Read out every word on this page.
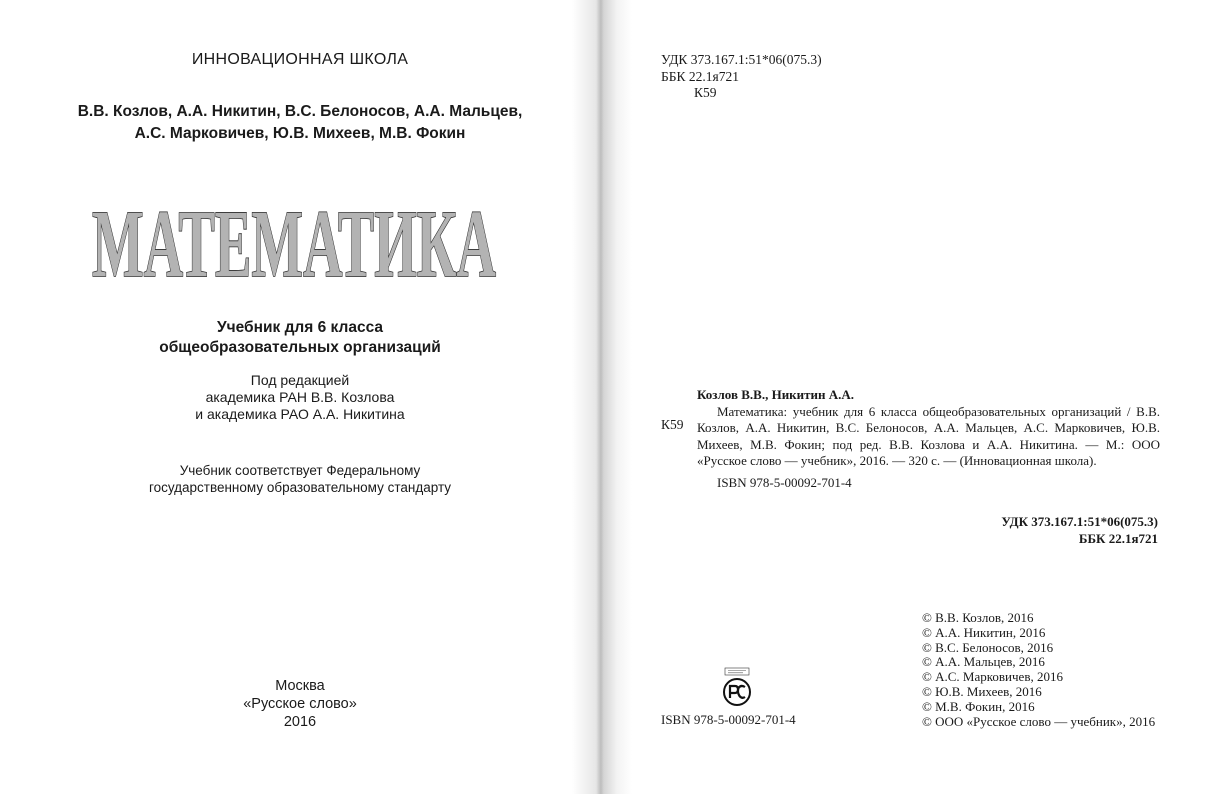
ИННОВАЦИОННАЯ ШКОЛА
В.В. Козлов, А.А. Никитин, В.С. Белоносов, А.А. Мальцев,
А.С. Марковичев, Ю.В. Михеев, М.В. Фокин
МАТЕМАТИКА
Учебник для 6 класса
общеобразовательных организаций
Под редакцией
академика РАН В.В. Козлова
и академика РАО А.А. Никитина
Учебник соответствует Федеральному
государственному образовательному стандарту
Москва
«Русское слово»
2016
УДК 373.167.1:51*06(075.3)
ББК 22.1я721
К59
К59
Козлов В.В., Никитин А.А.
Математика: учебник для 6 класса общеобразовательных организаций / В.В. Козлов, А.А. Никитин, В.С. Белоносов, А.А. Мальцев, А.С. Марковичев, Ю.В. Михеев, М.В. Фокин; под ред. В.В. Козлова и А.А. Никитина. — М.: ООО «Русское слово — учебник», 2016. — 320 с. — (Инновационная школа).
ISBN 978-5-00092-701-4
УДК 373.167.1:51*06(075.3)
ББК 22.1я721
© В.В. Козлов, 2016
© А.А. Никитин, 2016
© В.С. Белоносов, 2016
© А.А. Мальцев, 2016
© А.С. Марковичев, 2016
© Ю.В. Михеев, 2016
© М.В. Фокин, 2016
© ООО «Русское слово — учебник», 2016
ISBN 978-5-00092-701-4
